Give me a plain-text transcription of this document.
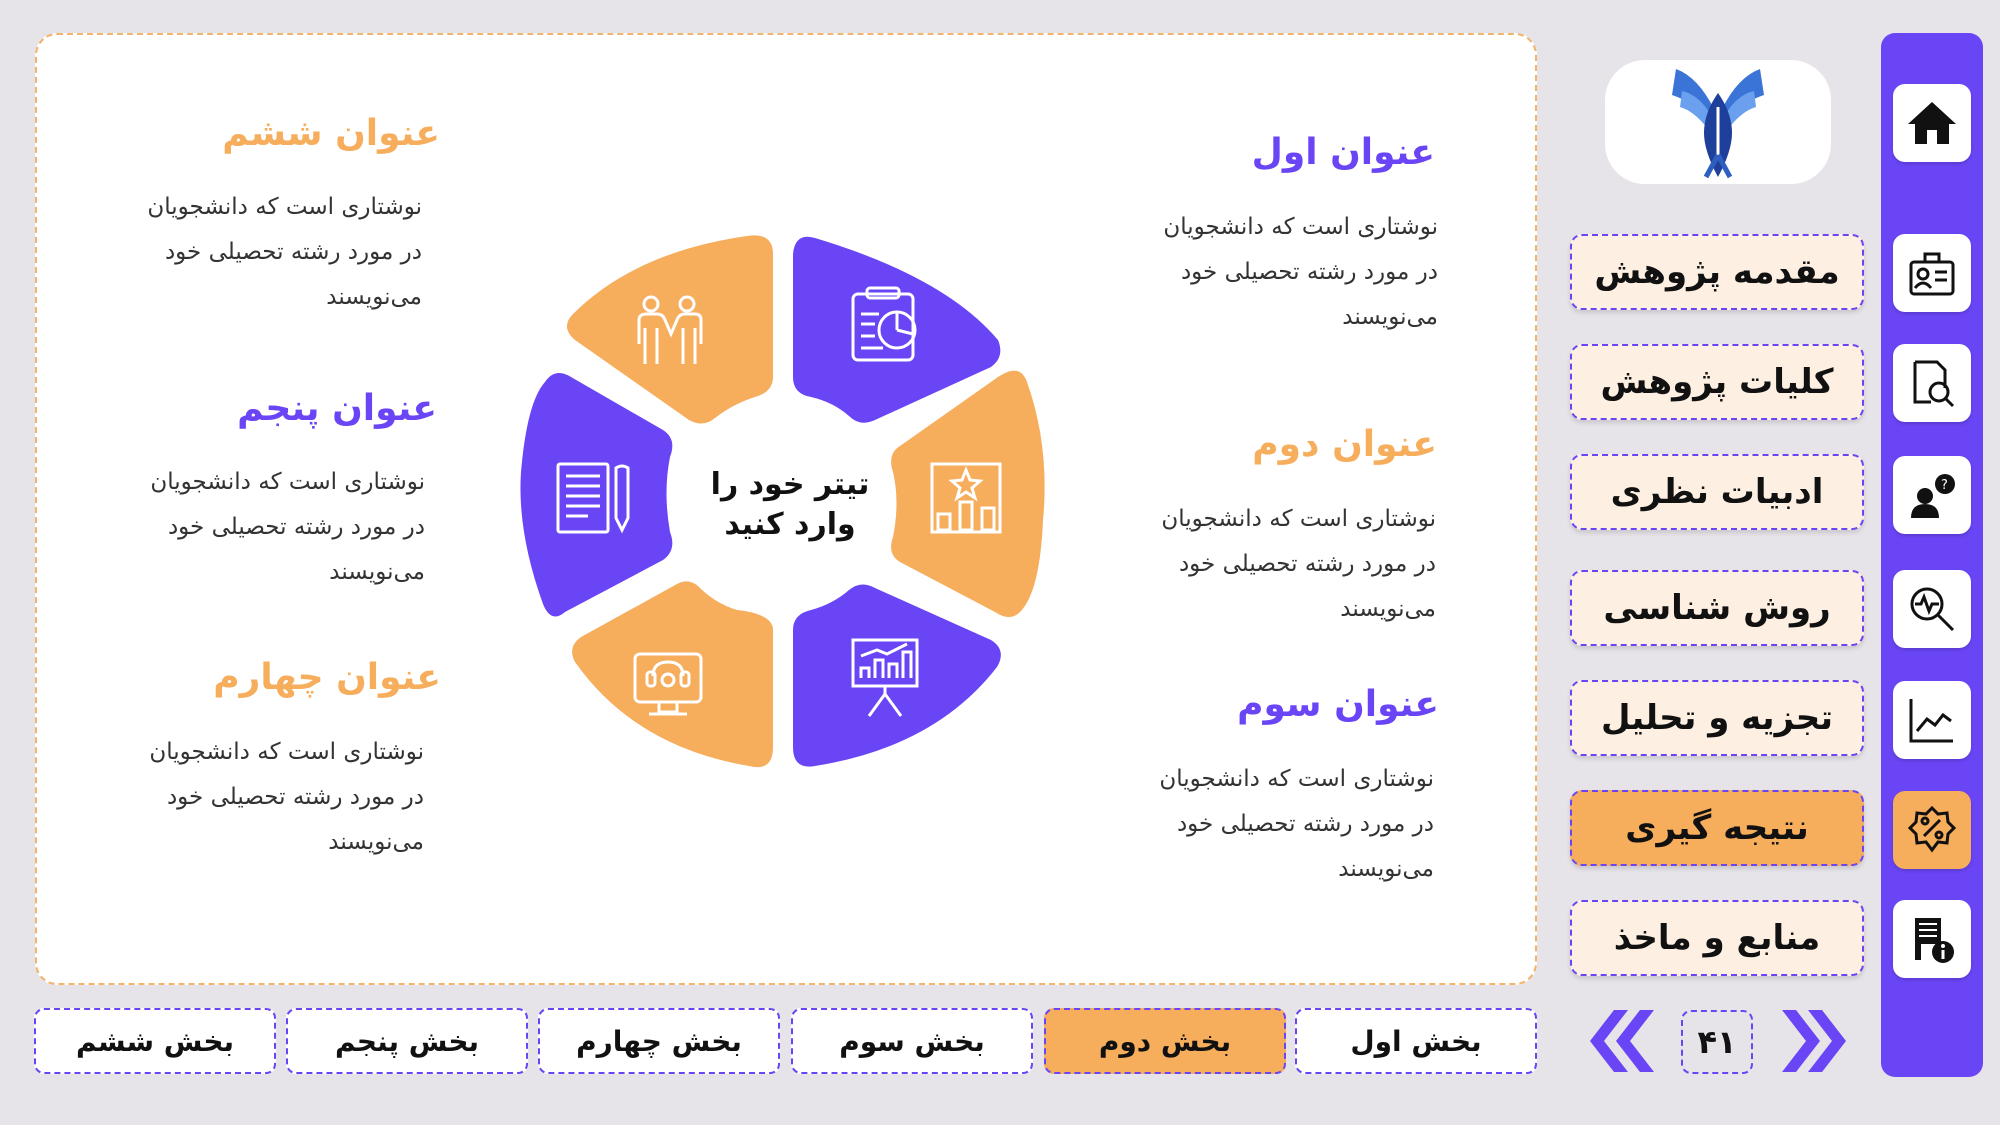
عنوان اول
نوشتاری است که دانشجویان
در مورد رشته تحصیلی خود
می‌نویسند
عنوان دوم
نوشتاری است که دانشجویان
در مورد رشته تحصیلی خود
می‌نویسند
عنوان سوم
نوشتاری است که دانشجویان
در مورد رشته تحصیلی خود
می‌نویسند
عنوان ششم
نوشتاری است که دانشجویان
در مورد رشته تحصیلی خود
می‌نویسند
عنوان پنجم
نوشتاری است که دانشجویان
در مورد رشته تحصیلی خود
می‌نویسند
عنوان چهارم
نوشتاری است که دانشجویان
در مورد رشته تحصیلی خود
می‌نویسند
تیتر خود را
وارد کنید
?
مقدمه پژوهش
کلیات پژوهش
ادبیات نظری
روش شناسی
تجزیه و تحلیل
نتیجه گیری
منابع و ماخذ
بخش اول
بخش دوم
بخش سوم
بخش چهارم
بخش پنجم
بخش ششم	۴۱
